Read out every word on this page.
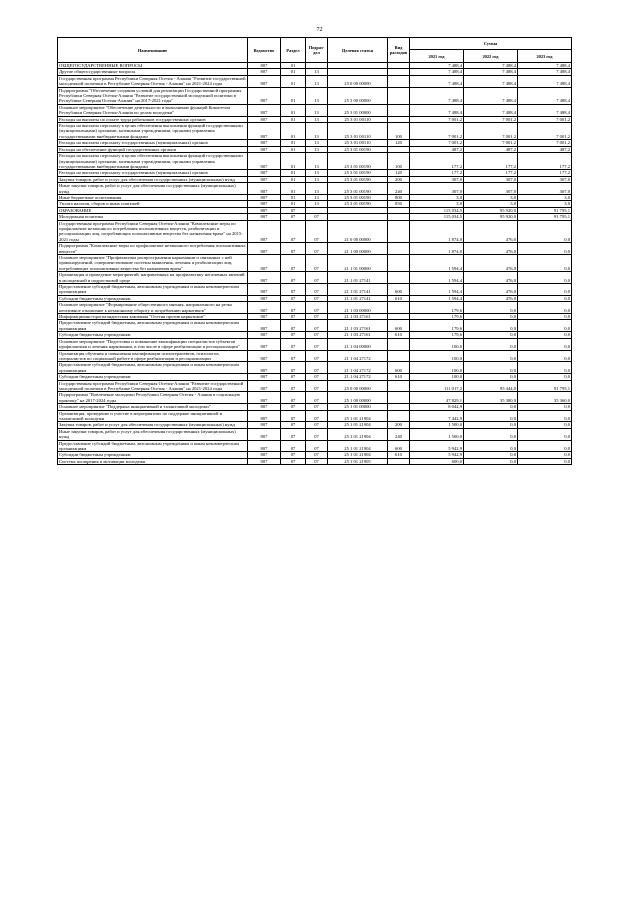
72
Наименование	Ведомство	Раздел	Подраз-дел	Целевая статья	Вид расходов	Сумма		
						2021 год	2022 год	2023 год
ОБЩЕГОСУДАРСТВЕННЫЕ ВОПРОСЫ	807	01				7 488,4	7 488,4	7 488,4
Другие общегосударственные вопросы	807	01	13			7 488,4	7 488,4	7 488,4
Государственная программа Республики Северная Осетия - Алания "Развитие государственной молодежной политики в Республике Северная Осетия - Алания" на 2021-2024 годы	807	01	13	25 0 00 00000		7 488,4	7 488,4	7 488,4
Подпрограмма "Обеспечение создания условий для реализации Государственной программы Республики Северная Осетия-Алания "Развитие государственной молодежной политики в Республике Северная Осетия-Алания" на 2017-2021 годы"	807	01	13	25 3 00 00000		7 488,4	7 488,4	7 488,4
Основное мероприятие "Обеспечение деятельности и выполнение функций Комитетом Республики Северная Осетия-Алания по делам молодежи"	807	01	13	25 3 01 00000		7 488,4	7 488,4	7 488,4
Расходы на выплаты по оплате труда работников государственных органов	807	01	13	25 3 01 00110		7 001,2	7 001,2	7 001,2
Расходы на выплаты персоналу в целях обеспечения выполнения функций государственными (муниципальными) органами, казенными учреждениями, органами управления государственными внебюджетными фондами	807	01	13	25 3 01 00110	100	7 001,2	7 001,2	7 001,2
Расходы на выплаты персоналу государственных (муниципальных) органов	807	01	13	25 3 01 00110	120	7 001,2	7 001,2	7 001,2
Расходы на обеспечение функций государственных органов	807	01	13	25 3 01 00190		487,2	487,2	487,2
Расходы на выплаты персоналу в целях обеспечения выполнения функций государственными (муниципальными) органами, казенными учреждениями, органами управления государственными внебюджетными фондами	807	01	13	25 3 01 00190	100	177,2	177,2	177,2
Расходы на выплаты персоналу государственных (муниципальных) органов	807	01	13	25 3 01 00190	120	177,2	177,2	177,2
Закупка товаров, работ и услуг для обеспечения государственных (муниципальных) нужд	807	01	13	25 3 01 00190	200	307,0	307,0	307,0
Иные закупки товаров, работ и услуг для обеспечения государственных (муниципальных) нужд	807	01	13	25 3 01 00190	240	307,0	307,0	307,0
Иные бюджетные ассигнования	807	01	13	25 3 01 00190	800	3,0	3,0	3,0
Уплата налогов, сборов и иных платежей	807	01	13	25 3 01 00190	850	3,0	3,0	3,0
ОБРАЗОВАНИЕ	807	07				115 034,5	95 920,0	91 795,1
Молодежная политика	807	07	07			115 034,5	95 920,0	91 795,1
Государственная программа Республики Северная Осетия-Алания "Комплексные меры по профилактике незаконного потребления психоактивных веществ, реабилитации и ресоциализации лиц, потребляющих психоактивные вещества без назначения врача" на 2015-2021 годы	807	07	07	21 0 00 00000		1 874,0	476,0	0,0
Подпрограмма "Комплексные меры по профилактике незаконного потребления психоактивных веществ"	807	07	07	21 1 00 00000		1 874,0	476,0	0,0
Основное мероприятие "Профилактика распространения наркомании и связанных с ней правонарушений, совершенствование системы выявления, лечения и реабилитации лиц, потребляющих психоактивные вещества без назначения врача"	807	07	07	21 1 01 00000		1 594,4	476,0	0,0
Организация и проведение мероприятий, направленных на профилактику негативных явлений в молодежной и подростковой среде	807	07	07	21 1 01 27141		1 594,4	476,0	0,0
Предоставление субсидий бюджетным, автономным учреждениям и иным некоммерческим организациям	807	07	07	21 1 01 27141	600	1 594,4	476,0	0,0
Субсидии бюджетным учреждениям	807	07	07	21 1 01 27141	610	1 594,4	476,0	0,0
Основное мероприятие "Формирование общественного мнения, направленного на резко негативное отношение к незаконному обороту и потреблению наркотиков"	807	07	07	21 1 03 00000		179,6	0,0	0,0
Информационно-пропагандистская кампания "Осетия против наркотиков"	807	07	07	21 1 03 27161		179,6	0,0	0,0
Предоставление субсидий бюджетным, автономным учреждениям и иным некоммерческим организациям	807	07	07	21 1 03 27161	600	179,6	0,0	0,0
Субсидии бюджетным учреждениям	807	07	07	21 1 03 27161	610	179,6	0,0	0,0
Основное мероприятие "Подготовка и повышение квалификации специалистов субъектов профилактики и лечения наркомании, в том числе в сфере реабилитации и ресоциализации"	807	07	07	21 1 04 00000		100,0	0,0	0,0
Организация обучения и повышения квалификации психотерапевтов, психологов, специалистов по социальной работе в сфере реабилитации и ресоциализации	807	07	07	21 1 04 27172		100,0	0,0	0,0
Предоставление субсидий бюджетным, автономным учреждениям и иным некоммерческим организациям	807	07	07	21 1 04 27172	600	100,0	0,0	0,0
Субсидии бюджетным учреждениям	807	07	07	21 1 04 27172	610	100,0	0,0	0,0
Государственная программа Республики Северная Осетия-Алания "Развитие государственной молодежной политики в Республике Северная Осетия - Алания" на 2021-2024 годы	807	07	07	25 0 00 00000		111 017,2	95 444,0	91 795,1
Подпрограмма "Вовлечение молодежи Республики Северная Осетия - Алания в социальную практику" на 2017-2024 годы	807	07	07	25 1 00 00000		47 829,1	35 380,0	35 360,0
Основное мероприятие "Поддержка инициативной и талантливой молодежи"	807	07	07	25 1 01 00000		8 042,9	0,0	0,0
Организация, проведение и участие в мероприятиях по поддержке инициативной и талантливой молодежи	807	07	07	25 1 01 21904		7 442,9	0,0	0,0
Закупка товаров, работ и услуг для обеспечения государственных (муниципальных) нужд	807	07	07	25 1 01 21904	200	1 500,0	0,0	0,0
Иные закупки товаров, работ и услуг для обеспечения государственных (муниципальных) нужд	807	07	07	25 1 01 21904	240	1 500,0	0,0	0,0
Предоставление субсидий бюджетным, автономным учреждениям и иным некоммерческим организациям	807	07	07	25 1 01 21904	600	5 942,9	0,0	0,0
Субсидии бюджетным учреждениям	807	07	07	25 1 01 21904	610	5 942,9	0,0	0,0
Система поощрения и мотивации молодежи	807	07	07	25 1 01 21905		600,0	0,0	0,0
